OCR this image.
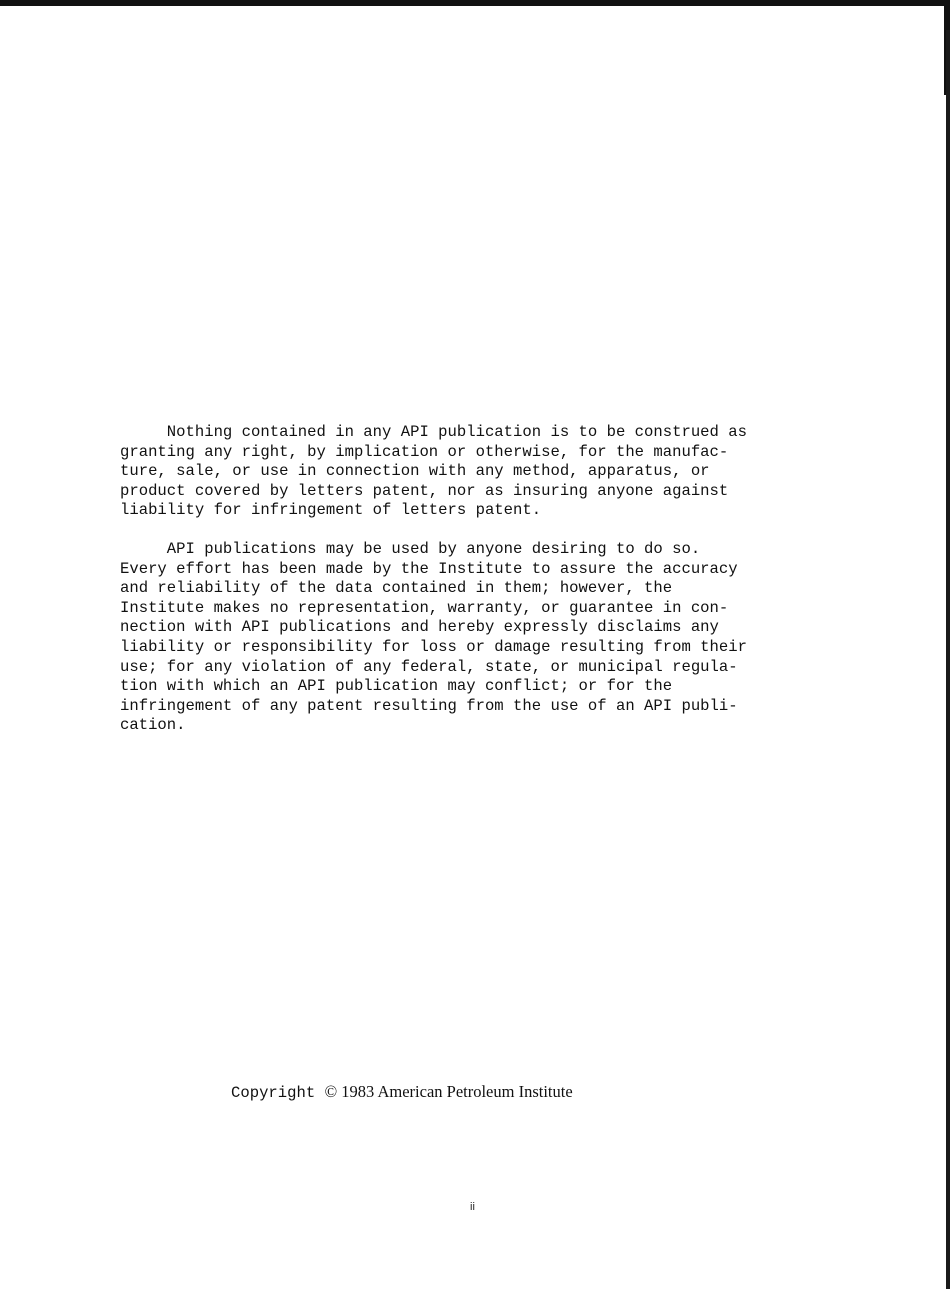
Nothing contained in any API publication is to be construed as
granting any right, by implication or otherwise, for the manufac-
ture, sale, or use in connection with any method, apparatus, or
product covered by letters patent, nor as insuring anyone against
liability for infringement of letters patent.

API publications may be used by anyone desiring to do so.
Every effort has been made by the Institute to assure the accuracy
and reliability of the data contained in them; however, the
Institute makes no representation, warranty, or guarantee in con-
nection with API publications and hereby expressly disclaims any
liability or responsibility for loss or damage resulting from their
use; for any violation of any federal, state, or municipal regula-
tion with which an API publication may conflict; or for the
infringement of any patent resulting from the use of an API publi-
cation.

Copyright © 1983 American Petroleum Institute
ii
